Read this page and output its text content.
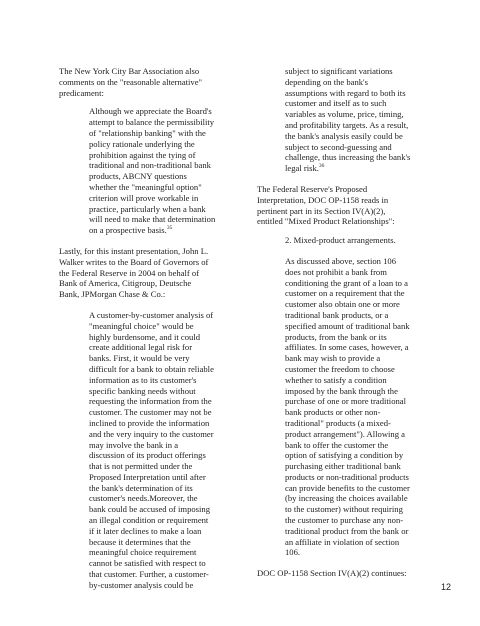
The New York City Bar Association also
comments on the "reasonable alternative"
predicament:

Although we appreciate the Board's
attempt to balance the permissibility
of "relationship banking" with the
policy rationale underlying the
prohibition against the tying of
traditional and non-traditional bank
products, ABCNY questions
whether the "meaningful option"
criterion will prove workable in
practice, particularly when a bank
will need to make that determination
on a prospective basis.$^{35}$

Lastly, for this instant presentation, John L.
Walker writes to the Board of Governors of
the Federal Reserve in 2004 on behalf of
Bank of America, Citigroup, Deutsche
Bank, JPMorgan Chase & Co.:

A customer-by-customer analysis of
"meaningful choice" would be
highly burdensome, and it could
create additional legal risk for
banks. First, it would be very
difficult for a bank to obtain reliable
information as to its customer's
specific banking needs without
requesting the information from the
customer. The customer may not be
inclined to provide the information
and the very inquiry to the customer
may involve the bank in a
discussion of its product offerings
that is not permitted under the
Proposed Interpretation until after
the bank's determination of its
customer's needs.Moreover, the
bank could be accused of imposing
an illegal condition or requirement
if it later declines to make a loan
because it determines that the
meaningful choice requirement
cannot be satisfied with respect to
that customer. Further, a customer-
by-customer analysis could be

subject to significant variations
depending on the bank's
assumptions with regard to both its
customer and itself as to such
variables as volume, price, timing,
and profitability targets. As a result,
the bank's analysis easily could be
subject to second-guessing and
challenge, thus increasing the bank's
legal risk.$^{36}$

The Federal Reserve's Proposed
Interpretation, DOC OP-1158 reads in
pertinent part in its Section IV(A)(2),
entitled "Mixed Product Relationships":

2. Mixed-product arrangements.

As discussed above, section 106
does not prohibit a bank from
conditioning the grant of a loan to a
customer on a requirement that the
customer also obtain one or more
traditional bank products, or a
specified amount of traditional bank
products, from the bank or its
affiliates. In some cases, however, a
bank may wish to provide a
customer the freedom to choose
whether to satisfy a condition
imposed by the bank through the
purchase of one or more traditional
bank products or other non-
traditional" products (a mixed-
product arrangement"). Allowing a
bank to offer the customer the
option of satisfying a condition by
purchasing either traditional bank
products or non-traditional products
can provide benefits to the customer
(by increasing the choices available
to the customer) without requiring
the customer to purchase any non-
traditional product from the bank or
an affiliate in violation of section
106.

DOC OP-1158 Section IV(A)(2) continues:

12
